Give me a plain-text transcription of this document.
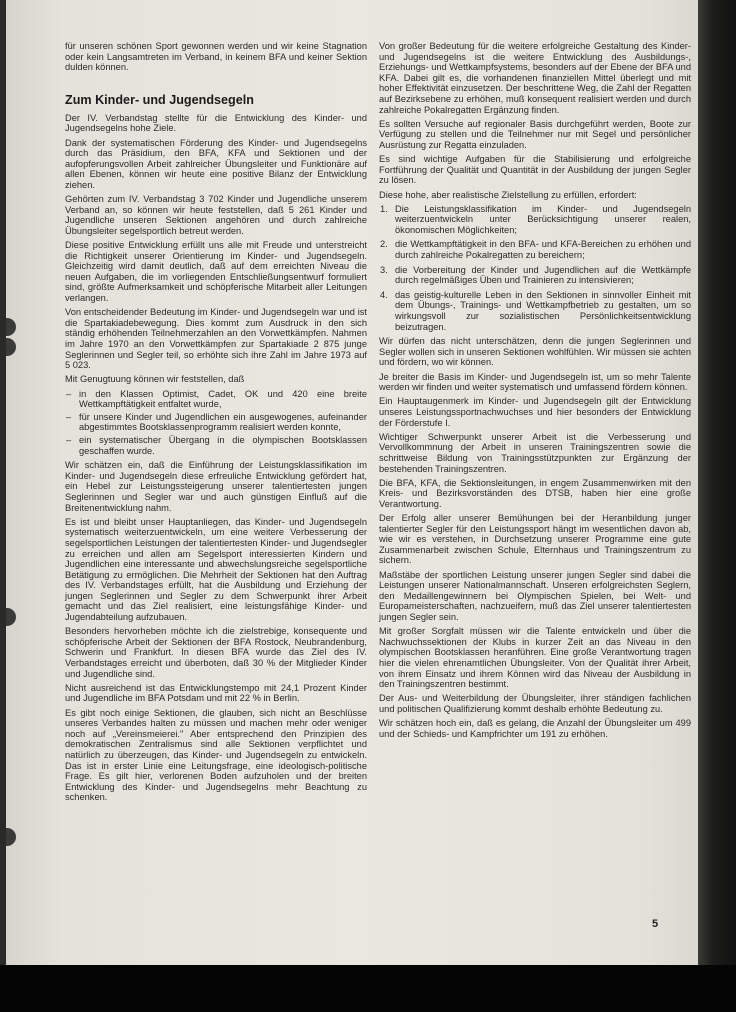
für unseren schönen Sport gewonnen werden und wir keine Stagnation oder kein Langsamtreten im Verband, in keinem BFA und keiner Sektion dulden können.

Zum Kinder- und Jugendsegeln

Der IV. Verbandstag stellte für die Entwicklung des Kinder- und Jugendsegelns hohe Ziele.

Dank der systematischen Förderung des Kinder- und Jugendsegelns durch das Präsidium, den BFA, KFA und Sektionen und der aufopferungsvollen Arbeit zahlreicher Übungsleiter und Funktionäre auf allen Ebenen, können wir heute eine positive Bilanz der Entwicklung ziehen.

Gehörten zum IV. Verbandstag 3 702 Kinder und Jugendliche unserem Verband an, so können wir heute feststellen, daß 5 261 Kinder und Jugendliche unseren Sektionen angehören und durch zahlreiche Übungsleiter segelsportlich betreut werden.

Diese positive Entwicklung erfüllt uns alle mit Freude und unterstreicht die Richtigkeit unserer Orientierung im Kinder- und Jugendsegeln. Gleichzeitig wird damit deutlich, daß auf dem erreichten Niveau die neuen Aufgaben, die im vorliegenden Entschließungsentwurf formuliert sind, größte Aufmerksamkeit und schöpferische Mitarbeit aller Leitungen verlangen.

Von entscheidender Bedeutung im Kinder- und Jugendsegeln war und ist die Spartakiadebewegung. Dies kommt zum Ausdruck in den sich ständig erhöhenden Teilnehmerzahlen an den Vorwettkämpfen. Nahmen im Jahre 1970 an den Vorwettkämpfen zur Spartakiade 2 875 junge Seglerinnen und Segler teil, so erhöhte sich ihre Zahl im Jahre 1973 auf 5 023.

Mit Genugtuung können wir feststellen, daß

– in den Klassen Optimist, Cadet, OK und 420 eine breite Wettkampftätigkeit entfaltet wurde,
– für unsere Kinder und Jugendlichen ein ausgewogenes, aufeinander abgestimmtes Bootsklassenprogramm realisiert werden konnte,
– ein systematischer Übergang in die olympischen Bootsklassen geschaffen wurde.

Wir schätzen ein, daß die Einführung der Leistungsklassifikation im Kinder- und Jugendsegeln diese erfreuliche Entwicklung gefördert hat, ein Hebel zur Leistungssteigerung unserer talentiertesten jungen Seglerinnen und Segler war und auch günstigen Einfluß auf die Breitenentwicklung nahm.

Es ist und bleibt unser Hauptanliegen, das Kinder- und Jugendsegeln systematisch weiterzuentwickeln, um eine weitere Verbesserung der segelsportlichen Leistungen der talentiertesten Kinder- und Jugendsegler zu erreichen und allen am Segelsport interessierten Kindern und Jugendlichen eine interessante und abwechslungsreiche segelsportliche Betätigung zu ermöglichen. Die Mehrheit der Sektionen hat den Auftrag des IV. Verbandstages erfüllt, hat die Ausbildung und Erziehung der jungen Seglerinnen und Segler zu dem Schwerpunkt ihrer Arbeit gemacht und das Ziel realisiert, eine leistungsfähige Kinder- und Jugendabteilung aufzubauen.

Besonders hervorheben möchte ich die zielstrebige, konsequente und schöpferische Arbeit der Sektionen der BFA Rostock, Neubrandenburg, Schwerin und Frankfurt. In diesen BFA wurde das Ziel des IV. Verbandstages erreicht und überboten, daß 30 % der Mitglieder Kinder und Jugendliche sind.

Nicht ausreichend ist das Entwicklungstempo mit 24,1 Prozent Kinder und Jugendliche im BFA Potsdam und mit 22 % in Berlin.

Es gibt noch einige Sektionen, die glauben, sich nicht an Beschlüsse unseres Verbandes halten zu müssen und machen mehr oder weniger noch auf „Vereinsmeierei." Aber entsprechend den Prinzipien des demokratischen Zentralismus sind alle Sektionen verpflichtet und natürlich zu überzeugen, das Kinder- und Jugendsegeln zu entwickeln. Das ist in erster Linie eine Leitungsfrage, eine ideologisch-politische Frage. Es gilt hier, verlorenen Boden aufzuholen und der breiten Entwicklung des Kinder- und Jugendsegelns mehr Beachtung zu schenken.

Von großer Bedeutung für die weitere erfolgreiche Gestaltung des Kinder- und Jugendsegelns ist die weitere Entwicklung des Ausbildungs-, Erziehungs- und Wettkampfsystems, besonders auf der Ebene der BFA und KFA. Dabei gilt es, die vorhandenen finanziellen Mittel überlegt und mit hoher Effektivität einzusetzen. Der beschrittene Weg, die Zahl der Regatten auf Bezirksebene zu erhöhen, muß konsequent realisiert werden und durch zahlreiche Pokalregatten Ergänzung finden.

Es sollten Versuche auf regionaler Basis durchgeführt werden, Boote zur Verfügung zu stellen und die Teilnehmer nur mit Segel und persönlicher Ausrüstung zur Regatta einzuladen.

Es sind wichtige Aufgaben für die Stabilisierung und erfolgreiche Fortführung der Qualität und Quantität in der Ausbildung der jungen Segler zu lösen.

Diese hohe, aber realistische Zielstellung zu erfüllen, erfordert:

1. Die Leistungsklassifikation im Kinder- und Jugendsegeln weiterzuentwickeln unter Berücksichtigung unserer realen, ökonomischen Möglichkeiten;
2. die Wettkampftätigkeit in den BFA- und KFA-Bereichen zu erhöhen und durch zahlreiche Pokalregatten zu bereichern;
3. die Vorbereitung der Kinder und Jugendlichen auf die Wettkämpfe durch regelmäßiges Üben und Trainieren zu intensivieren;
4. das geistig-kulturelle Leben in den Sektionen in sinnvoller Einheit mit dem Übungs-, Trainings- und Wettkampfbetrieb zu gestalten, um so wirkungsvoll zur sozialistischen Persönlichkeitsentwicklung beizutragen.

Wir dürfen das nicht unterschätzen, denn die jungen Seglerinnen und Segler wollen sich in unseren Sektionen wohlfühlen. Wir müssen sie achten und fördern, wo wir können.

Je breiter die Basis im Kinder- und Jugendsegeln ist, um so mehr Talente werden wir finden und weiter systematisch und umfassend fördern können.

Ein Hauptaugenmerk im Kinder- und Jugendsegeln gilt der Entwicklung unseres Leistungssportnachwuchses und hier besonders der Entwicklung der Förderstufe I.

Wichtiger Schwerpunkt unserer Arbeit ist die Verbesserung und Vervollkommnung der Arbeit in unseren Trainingszentren sowie die schrittweise Bildung von Trainingsstützpunkten zur Ergänzung der bestehenden Trainingszentren.

Die BFA, KFA, die Sektionsleitungen, in engem Zusammenwirken mit den Kreis- und Bezirksvorständen des DTSB, haben hier eine große Verantwortung.

Der Erfolg aller unserer Bemühungen bei der Heranbildung junger talentierter Segler für den Leistungssport hängt im wesentlichen davon ab, wie wir es verstehen, in Durchsetzung unserer Programme eine gute Zusammenarbeit zwischen Schule, Elternhaus und Trainingszentrum zu sichern.

Maßstäbe der sportlichen Leistung unserer jungen Segler sind dabei die Leistungen unserer Nationalmannschaft. Unseren erfolgreichsten Seglern, den Medaillengewinnern bei Olympischen Spielen, bei Welt- und Europameisterschaften, nachzueifern, muß das Ziel unserer talentiertesten jungen Segler sein.

Mit großer Sorgfalt müssen wir die Talente entwickeln und über die Nachwuchssektionen der Klubs in kurzer Zeit an das Niveau in den olympischen Bootsklassen heranführen. Eine große Verantwortung tragen hier die vielen ehrenamtlichen Übungsleiter. Von der Qualität ihrer Arbeit, von ihrem Einsatz und ihrem Können wird das Niveau der Ausbildung in den Trainingszentren bestimmt.

Der Aus- und Weiterbildung der Übungsleiter, ihrer ständigen fachlichen und politischen Qualifizierung kommt deshalb erhöhte Bedeutung zu.

Wir schätzen hoch ein, daß es gelang, die Anzahl der Übungsleiter um 499 und der Schieds- und Kampfrichter um 191 zu erhöhen.

5
